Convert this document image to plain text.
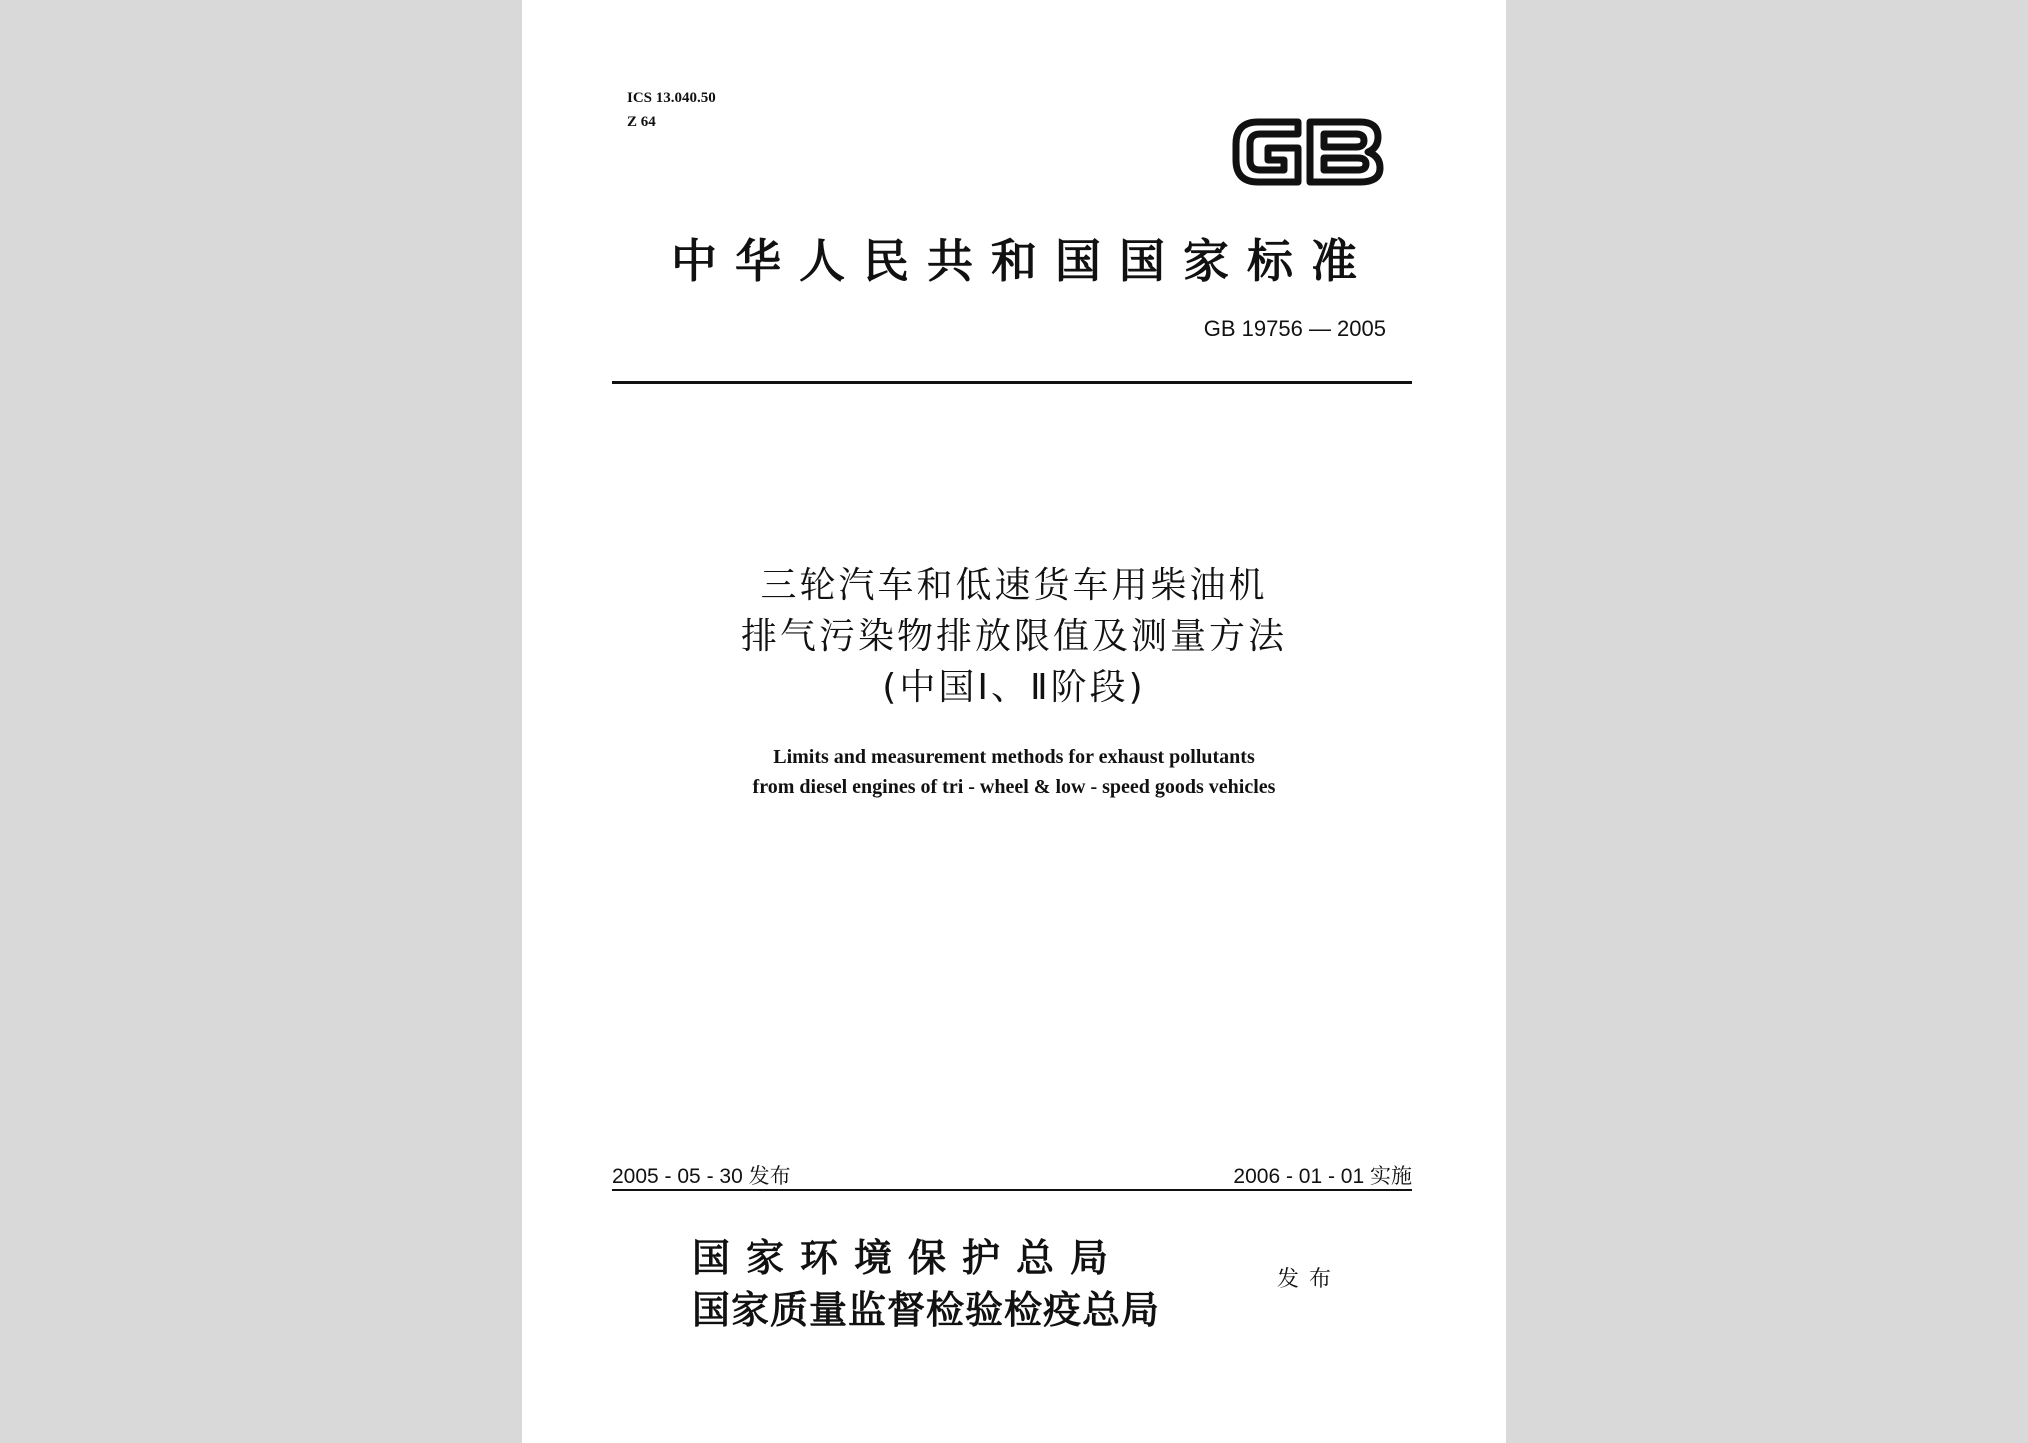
ICS 13.040.50
Z 64
中华人民共和国国家标准
GB 19756 — 2005
三轮汽车和低速货车用柴油机
排气污染物排放限值及测量方法
(中国Ⅰ、Ⅱ阶段)
Limits and measurement methods for exhaust pollutants
from diesel engines of tri - wheel & low - speed goods vehicles
2005 - 05 - 30 发布	2006 - 01 - 01 实施
国家环境保护总局
国家质量监督检验检疫总局
发布
